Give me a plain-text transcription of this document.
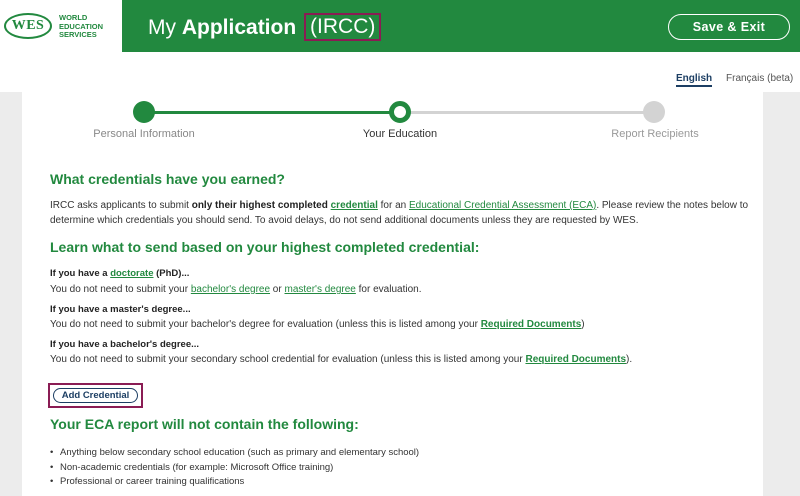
WES
WORLD
EDUCATION
SERVICES My Application (IRCC)	Save & Exit
English Français (beta)
Personal Information	Your Education	Report Recipients
What credentials have you earned?
IRCC asks applicants to submit only their highest completed credential for an Educational Credential Assessment (ECA). Please review the notes below to
determine which credentials you should send. To avoid delays, do not send additional documents unless they are requested by WES.
Learn what to send based on your highest completed credential:
If you have a doctorate (PhD)...
You do not need to submit your bachelor's degree or master's degree for evaluation.
If you have a master's degree...
You do not need to submit your bachelor's degree for evaluation (unless this is listed among your Required Documents)
If you have a bachelor's degree...
You do not need to submit your secondary school credential for evaluation (unless this is listed among your Required Documents).
Add Credential
Your ECA report will not contain the following:
• Anything below secondary school education (such as primary and elementary school)
• Non-academic credentials (for example: Microsoft Office training)
• Professional or career training qualifications
